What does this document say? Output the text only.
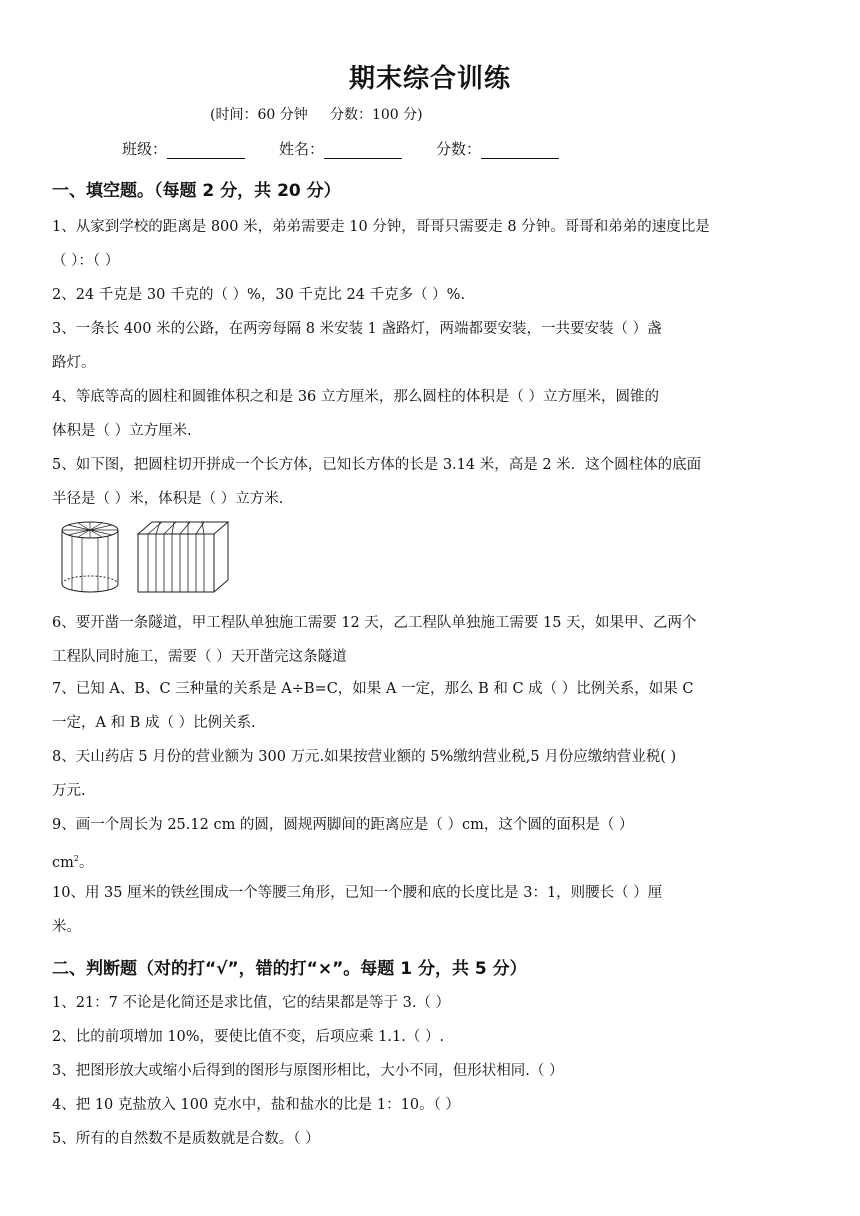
期末综合训练
(时间：60 分钟     分数：100 分)
班级：	姓名：	分数：
一、填空题。（每题 2 分，共 20 分）

1、从家到学校的距离是 800 米，弟弟需要走 10 分钟，哥哥只需要走 8 分钟。哥哥和弟弟的速度比是

（ ）：（ ）

2、24 千克是 30 千克的（ ）%，30 千克比 24 千克多（ ）%.

3、一条长 400 米的公路，在两旁每隔 8 米安装 1 盏路灯，两端都要安装，一共要安装（ ）盏

路灯。

4、等底等高的圆柱和圆锥体积之和是 36 立方厘米，那么圆柱的体积是（ ）立方厘米，圆锥的

体积是（ ）立方厘米.

5、如下图，把圆柱切开拼成一个长方体，已知长方体的长是 3.14 米，高是 2 米．这个圆柱体的底面

半径是（ ）米，体积是（ ）立方米.

6、要开凿一条隧道，甲工程队单独施工需要 12 天，乙工程队单独施工需要 15 天，如果甲、乙两个

工程队同时施工，需要（ ）天开凿完这条隧道

7、已知 A、B、C 三种量的关系是 A÷B=C，如果 A 一定，那么 B 和 C 成（ ）比例关系，如果 C

一定，A 和 B 成（ ）比例关系.

8、天山药店 5 月份的营业额为 300 万元.如果按营业额的 5%缴纳营业税,5 月份应缴纳营业税( )

万元.

9、画一个周长为 25.12 cm 的圆，圆规两脚间的距离应是（ ）cm，这个圆的面积是（ ）

$cm^2$。

10、用 35 厘米的铁丝围成一个等腰三角形，已知一个腰和底的长度比是 3：1，则腰长（ ）厘

米。

二、判断题（对的打“√”，错的打“×”。每题 1 分，共 5 分）

1、21：7 不论是化简还是求比值，它的结果都是等于 3.（ ）

2、比的前项增加 10%，要使比值不变，后项应乘 1.1.（ ）.

3、把图形放大或缩小后得到的图形与原图形相比，大小不同，但形状相同.（ ）

4、把 10 克盐放入 100 克水中，盐和盐水的比是 1：10。（ ）

5、所有的自然数不是质数就是合数。（ ）
